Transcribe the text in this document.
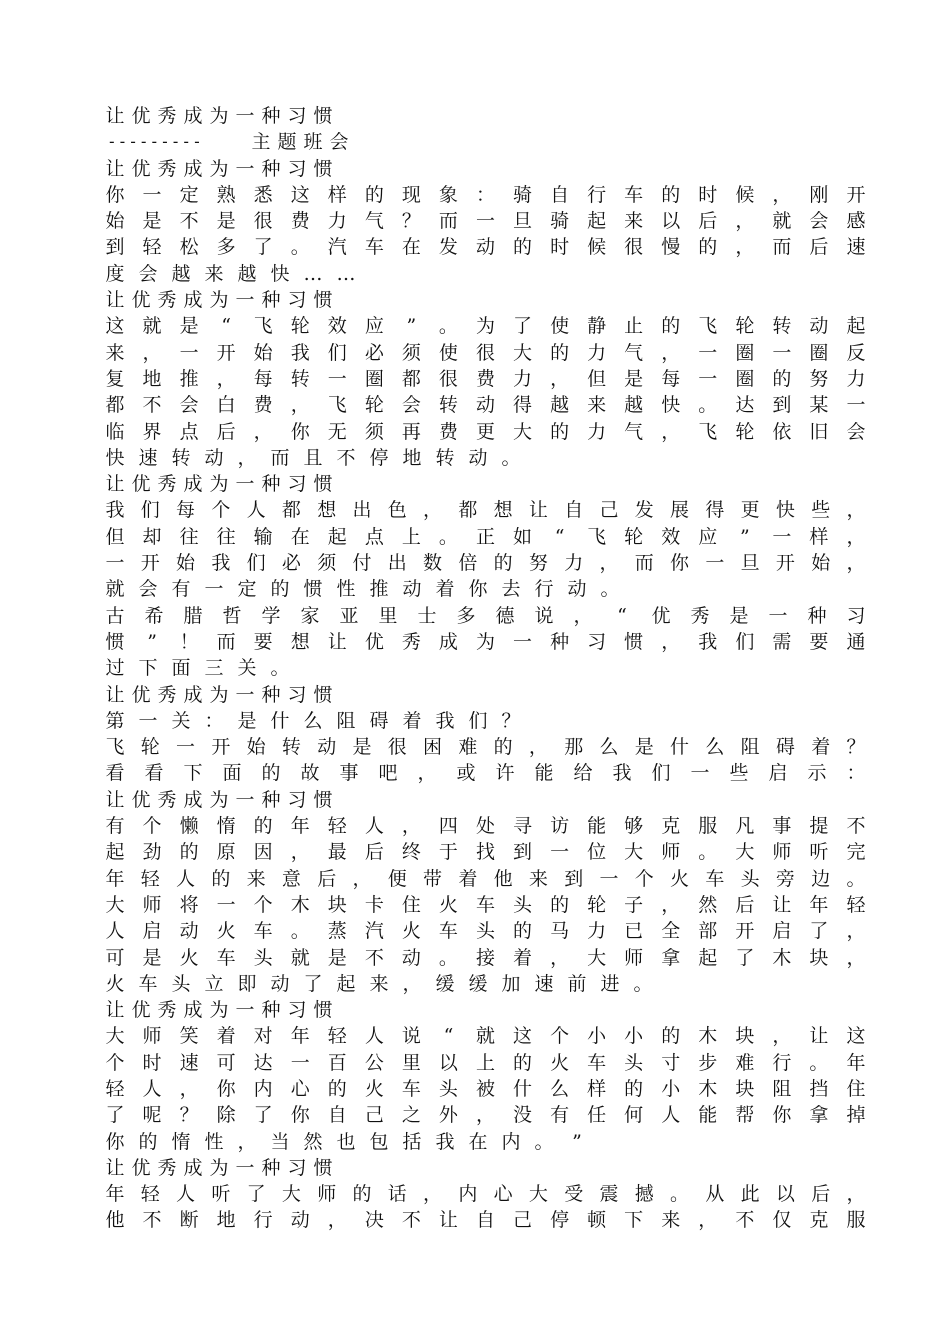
让 优 秀 成 为 一 种 习 惯
---------	主 题 班 会
让 优 秀 成 为 一 种 习 惯
你 一 定 熟 悉 这 样 的 现 象 ： 骑 自 行 车 的 时 候 ， 刚 开
始 是 不 是 很 费 力 气 ？ 而 一 旦 骑 起 来 以 后 ， 就 会 感
到 轻 松 多 了 。 汽 车 在 发 动 的 时 候 很 慢 的 ， 而 后 速
度 会 越 来 越 快 … …
让 优 秀 成 为 一 种 习 惯
这 就 是 “ 飞 轮 效 应 ” 。 为 了 使 静 止 的 飞 轮 转 动 起
来 ， 一 开 始 我 们 必 须 使 很 大 的 力 气 ， 一 圈 一 圈 反
复 地 推 ， 每 转 一 圈 都 很 费 力 ， 但 是 每 一 圈 的 努 力
都 不 会 白 费 ， 飞 轮 会 转 动 得 越 来 越 快 。 达 到 某 一
临 界 点 后 ， 你 无 须 再 费 更 大 的 力 气 ， 飞 轮 依 旧 会
快 速 转 动 ， 而 且 不 停 地 转 动 。
让 优 秀 成 为 一 种 习 惯
我 们 每 个 人 都 想 出 色 ， 都 想 让 自 己 发 展 得 更 快 些 ，
但 却 往 往 输 在 起 点 上 。 正 如 “ 飞 轮 效 应 ” 一 样 ，
一 开 始 我 们 必 须 付 出 数 倍 的 努 力 ， 而 你 一 旦 开 始 ，
就 会 有 一 定 的 惯 性 推 动 着 你 去 行 动 。
古 希 腊 哲 学 家 亚 里 士 多 德 说 ， “ 优 秀 是 一 种 习
惯 ” ！ 而 要 想 让 优 秀 成 为 一 种 习 惯 ， 我 们 需 要 通
过 下 面 三 关 。
让 优 秀 成 为 一 种 习 惯
第 一 关 ： 是 什 么 阻 碍 着 我 们 ？
飞 轮 一 开 始 转 动 是 很 困 难 的 ， 那 么 是 什 么 阻 碍 着 ？
看 看 下 面 的 故 事 吧 ， 或 许 能 给 我 们 一 些 启 示 ：
让 优 秀 成 为 一 种 习 惯
有 个 懒 惰 的 年 轻 人 ， 四 处 寻 访 能 够 克 服 凡 事 提 不
起 劲 的 原 因 ， 最 后 终 于 找 到 一 位 大 师 。 大 师 听 完
年 轻 人 的 来 意 后 ， 便 带 着 他 来 到 一 个 火 车 头 旁 边 。
大 师 将 一 个 木 块 卡 住 火 车 头 的 轮 子 ， 然 后 让 年 轻
人 启 动 火 车 。 蒸 汽 火 车 头 的 马 力 已 全 部 开 启 了 ，
可 是 火 车 头 就 是 不 动 。 接 着 ， 大 师 拿 起 了 木 块 ，
火 车 头 立 即 动 了 起 来 ， 缓 缓 加 速 前 进 。
让 优 秀 成 为 一 种 习 惯
大 师 笑 着 对 年 轻 人 说 “ 就 这 个 小 小 的 木 块 ， 让 这
个 时 速 可 达 一 百 公 里 以 上 的 火 车 头 寸 步 难 行 。 年
轻 人 ， 你 内 心 的 火 车 头 被 什 么 样 的 小 木 块 阻 挡 住
了 呢 ？ 除 了 你 自 己 之 外 ， 没 有 任 何 人 能 帮 你 拿 掉
你 的 惰 性 ， 当 然 也 包 括 我 在 内 。 ”
让 优 秀 成 为 一 种 习 惯
年 轻 人 听 了 大 师 的 话 ， 内 心 大 受 震 撼 。 从 此 以 后 ，
他 不 断 地 行 动 ， 决 不 让 自 己 停 顿 下 来 ， 不 仅 克 服
